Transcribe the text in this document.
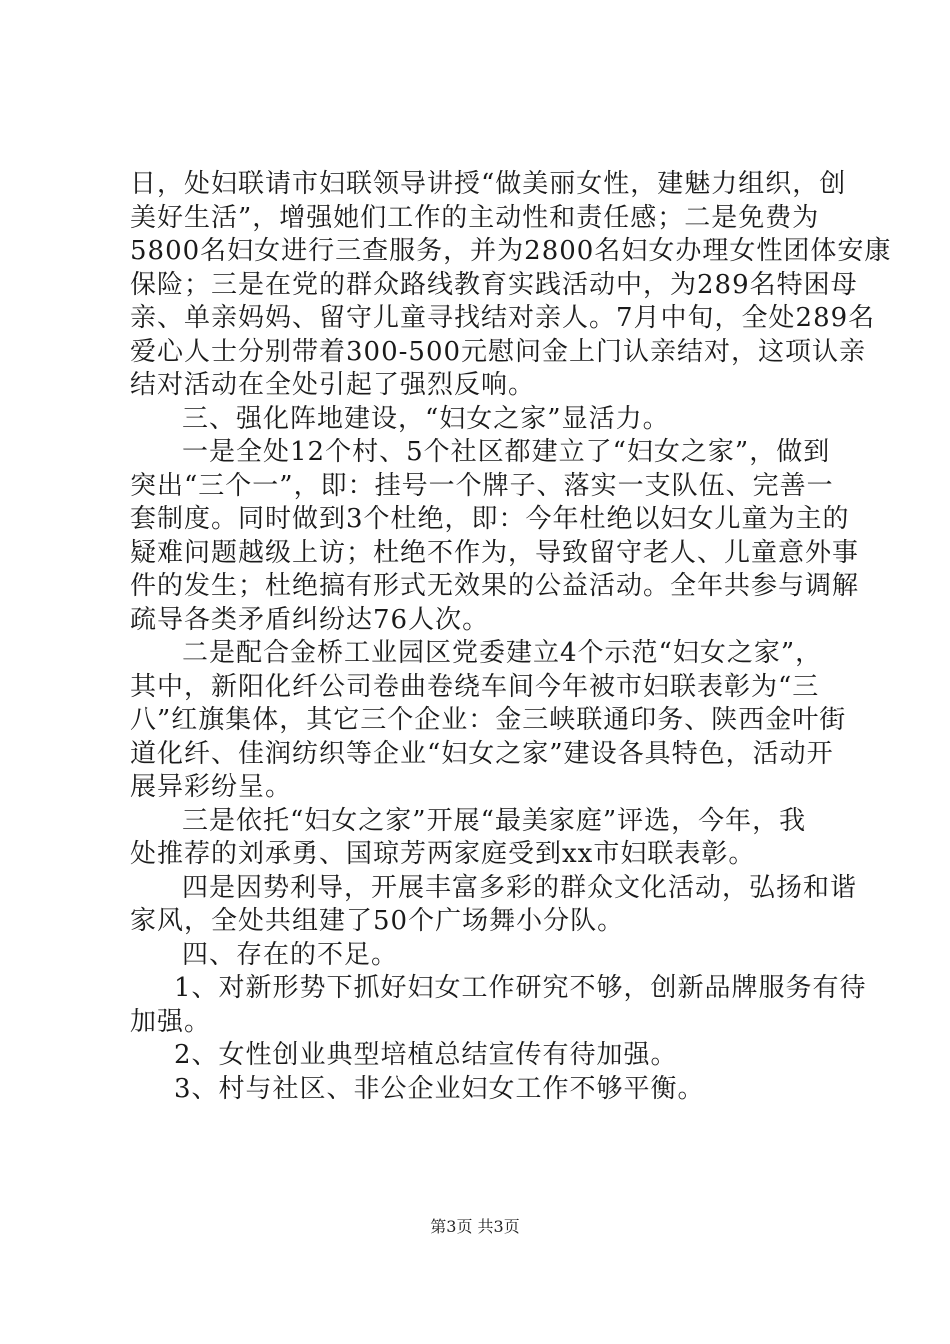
日，处妇联请市妇联领导讲授“做美丽女性，建魅力组织，创
美好生活”，增强她们工作的主动性和责任感；二是免费为
5800名妇女进行三查服务，并为2800名妇女办理女性团体安康
保险；三是在党的群众路线教育实践活动中，为289名特困母
亲、单亲妈妈、留守儿童寻找结对亲人。7月中旬，全处289名
爱心人士分别带着300-500元慰问金上门认亲结对，这项认亲
结对活动在全处引起了强烈反响。
三、强化阵地建设，“妇女之家”显活力。
一是全处12个村、5个社区都建立了“妇女之家”，做到
突出“三个一”，即：挂号一个牌子、落实一支队伍、完善一
套制度。同时做到3个杜绝，即：今年杜绝以妇女儿童为主的
疑难问题越级上访；杜绝不作为，导致留守老人、儿童意外事
件的发生；杜绝搞有形式无效果的公益活动。全年共参与调解
疏导各类矛盾纠纷达76人次。
二是配合金桥工业园区党委建立4个示范“妇女之家”，
其中，新阳化纤公司卷曲卷绕车间今年被市妇联表彰为“三
八”红旗集体，其它三个企业：金三峡联通印务、陕西金叶街
道化纤、佳润纺织等企业“妇女之家”建设各具特色，活动开
展异彩纷呈。
三是依托“妇女之家”开展“最美家庭”评选，今年，我
处推荐的刘承勇、国琼芳两家庭受到xx市妇联表彰。
四是因势利导，开展丰富多彩的群众文化活动，弘扬和谐
家风，全处共组建了50个广场舞小分队。
四、存在的不足。
1、对新形势下抓好妇女工作研究不够，创新品牌服务有待
加强。
2、女性创业典型培植总结宣传有待加强。
3、村与社区、非公企业妇女工作不够平衡。
第3页 共3页
